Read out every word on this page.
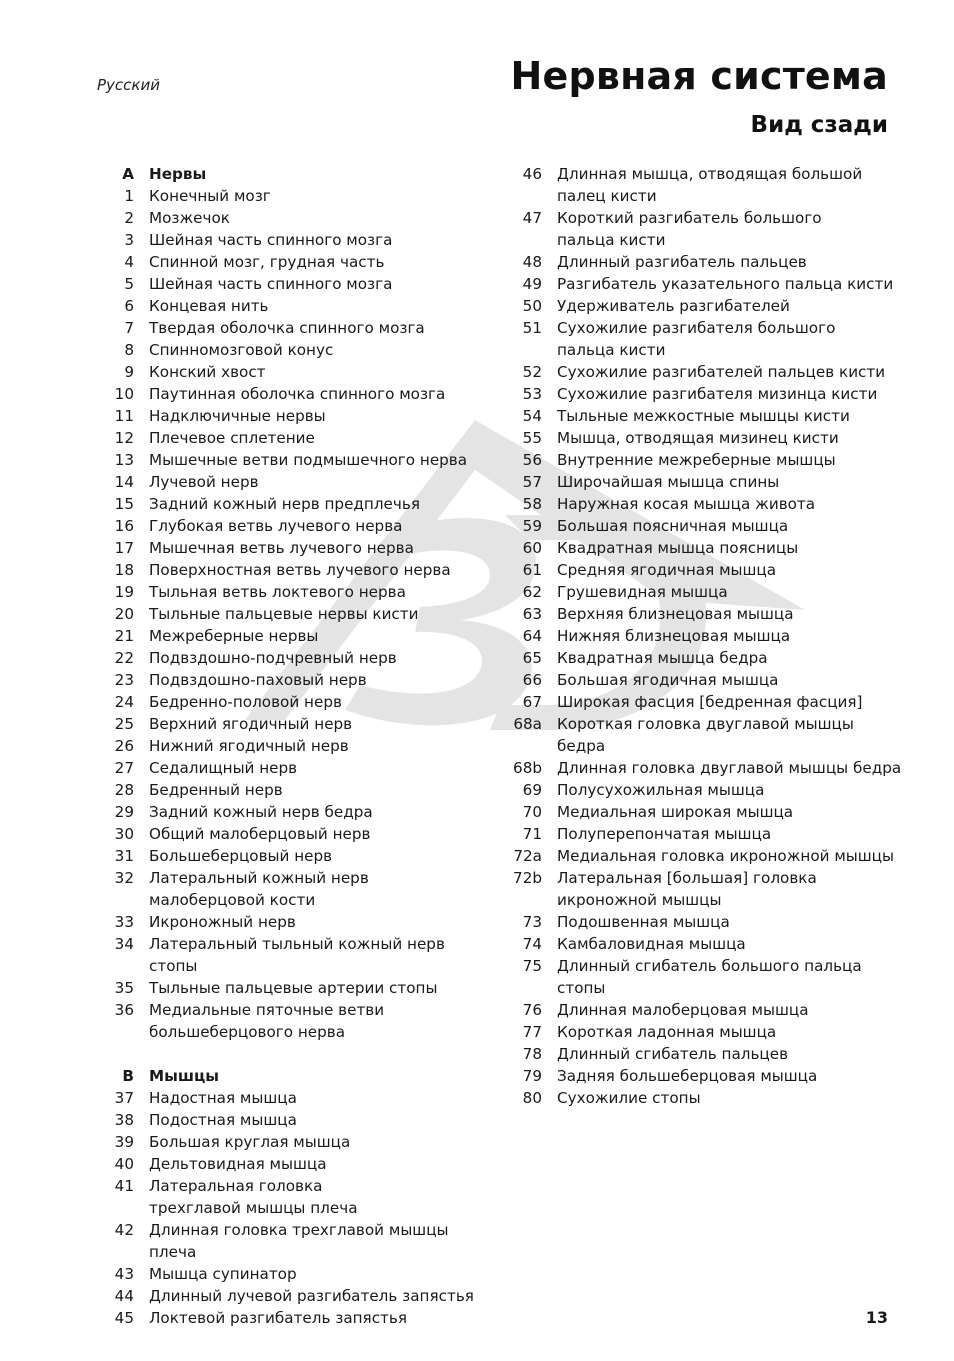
Русский	Нервная система
Вид сзади
A Нервы
1 Конечный мозг
2 Мозжечок
3 Шейная часть спинного мозга
4 Спинной мозг, грудная часть
5 Шейная часть спинного мозга
6 Концевая нить
7 Твердая оболочка спинного мозга
8 Спинномозговой конус
9 Конский хвост
10 Паутинная оболочка спинного мозга
11 Надключичные нервы
12 Плечевое сплетение
13 Мышечные ветви подмышечного нерва
14 Лучевой нерв
15 Задний кожный нерв предплечья
16 Глубокая ветвь лучевого нерва
17 Мышечная ветвь лучевого нерва
18 Поверхностная ветвь лучевого нерва
19 Тыльная ветвь локтевого нерва
20 Тыльные пальцевые нервы кисти
21 Межреберные нервы
22 Подвздошно-подчревный нерв
23 Подвздошно-паховый нерв
24 Бедренно-половой нерв
25 Верхний ягодичный нерв
26 Нижний ягодичный нерв
27 Седалищный нерв
28 Бедренный нерв
29 Задний кожный нерв бедра
30 Общий малоберцовый нерв
31 Большеберцовый нерв
32 Латеральный кожный нерв
малоберцовой кости
33 Икроножный нерв
34 Латеральный тыльный кожный нерв стопы
35 Тыльные пальцевые артерии стопы
36 Медиальные пяточные ветви
большеберцового нерва
B Мышцы
37 Надостная мышца
38 Подостная мышца
39 Большая круглая мышца
40 Дельтовидная мышца
41 Латеральная головка
трехглавой мышцы плеча
42 Длинная головка трехглавой мышцы плеча
43 Мышца супинатор
44 Длинный лучевой разгибатель запястья
45 Локтевой разгибатель запястья
46 Длинная мышца, отводящая большой
палец кисти
47 Короткий разгибатель большого
пальца кисти
48 Длинный разгибатель пальцев
49 Разгибатель указательного пальца кисти
50 Удерживатель разгибателей
51 Сухожилие разгибателя большого
пальца кисти
52 Сухожилие разгибателей пальцев кисти
53 Сухожилие разгибателя мизинца кисти
54 Тыльные межкостные мышцы кисти
55 Мышца, отводящая мизинец кисти
56 Внутренние межреберные мышцы
57 Широчайшая мышца спины
58 Наружная косая мышца живота
59 Большая поясничная мышца
60 Квадратная мышца поясницы
61 Средняя ягодичная мышца
62 Грушевидная мышца
63 Верхняя близнецовая мышца
64 Нижняя близнецовая мышца
65 Квадратная мышца бедра
66 Большая ягодичная мышца
67 Широкая фасция [бедренная фасция]
68a Короткая головка двуглавой мышцы бедра
68b Длинная головка двуглавой мышцы бедра
69 Полусухожильная мышца
70 Медиальная широкая мышца
71 Полуперепончатая мышца
72a Медиальная головка икроножной мышцы
72b Латеральная [большая] головка
икроножной мышцы
73 Подошвенная мышца
74 Камбаловидная мышца
75 Длинный сгибатель большого пальца стопы
76 Длинная малоберцовая мышца
77 Короткая ладонная мышца
78 Длинный сгибатель пальцев
79 Задняя большеберцовая мышца
80 Сухожилие стопы
13
